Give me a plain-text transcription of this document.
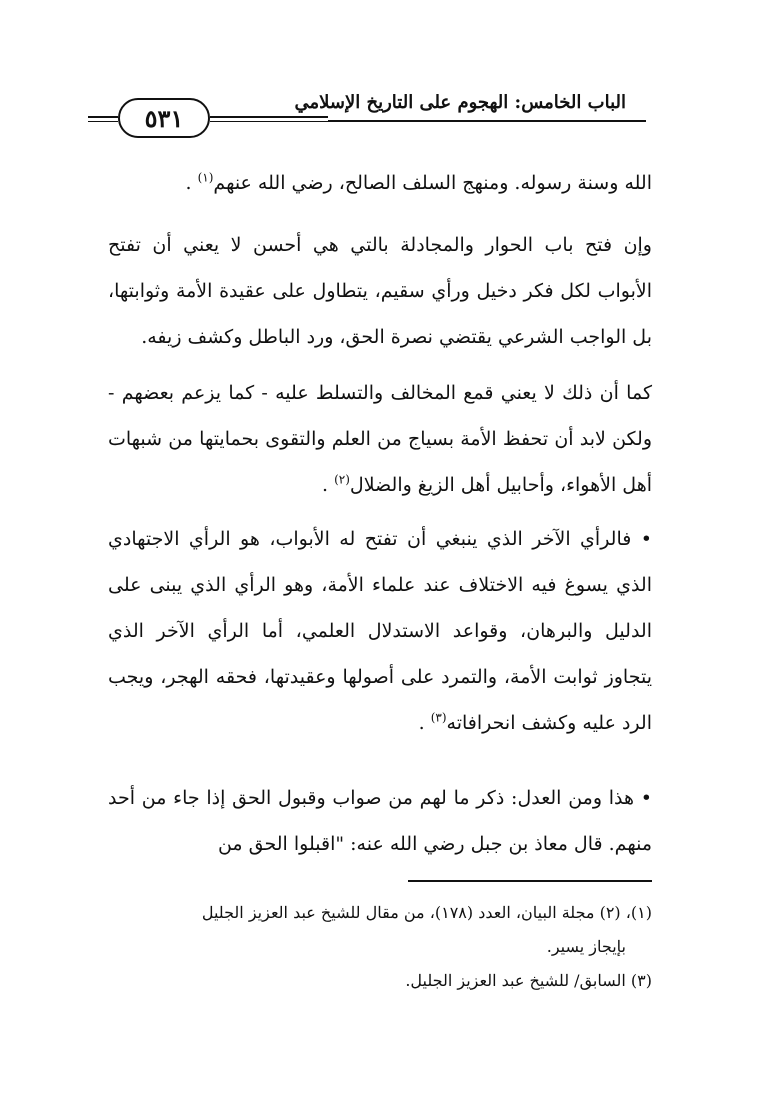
٥٣١
الباب الخامس: الهجوم على التاريخ الإسلامي

الله وسنة رسوله. ومنهج السلف الصالح، رضي الله عنهم$^{(١)}$ .

وإن فتح باب الحوار والمجادلة بالتي هي أحسن لا يعني أن تفتح الأبواب لكل فكر دخيل ورأي سقيم، يتطاول على عقيدة الأمة وثوابتها، بل الواجب الشرعي يقتضي نصرة الحق، ورد الباطل وكشف زيفه.

كما أن ذلك لا يعني قمع المخالف والتسلط عليه - كما يزعم بعضهم - ولكن لابد أن تحفظ الأمة بسياج من العلم والتقوى بحمايتها من شبهات أهل الأهواء، وأحابيل أهل الزيغ والضلال$^{(٢)}$ .

• فالرأي الآخر الذي ينبغي أن تفتح له الأبواب، هو الرأي الاجتهادي الذي يسوغ فيه الاختلاف عند علماء الأمة، وهو الرأي الذي يبنى على الدليل والبرهان، وقواعد الاستدلال العلمي، أما الرأي الآخر الذي يتجاوز ثوابت الأمة، والتمرد على أصولها وعقيدتها، فحقه الهجر، ويجب الرد عليه وكشف انحرافاته$^{(٣)}$ .

• هذا ومن العدل: ذكر ما لهم من صواب وقبول الحق إذا جاء من أحد منهم. قال معاذ بن جبل رضي الله عنه: "اقبلوا الحق من

(١)، (٢) مجلة البيان، العدد (١٧٨)، من مقال للشيخ عبد العزيز الجليل

بإيجاز يسير.

(٣) السابق/ للشيخ عبد العزيز الجليل.
